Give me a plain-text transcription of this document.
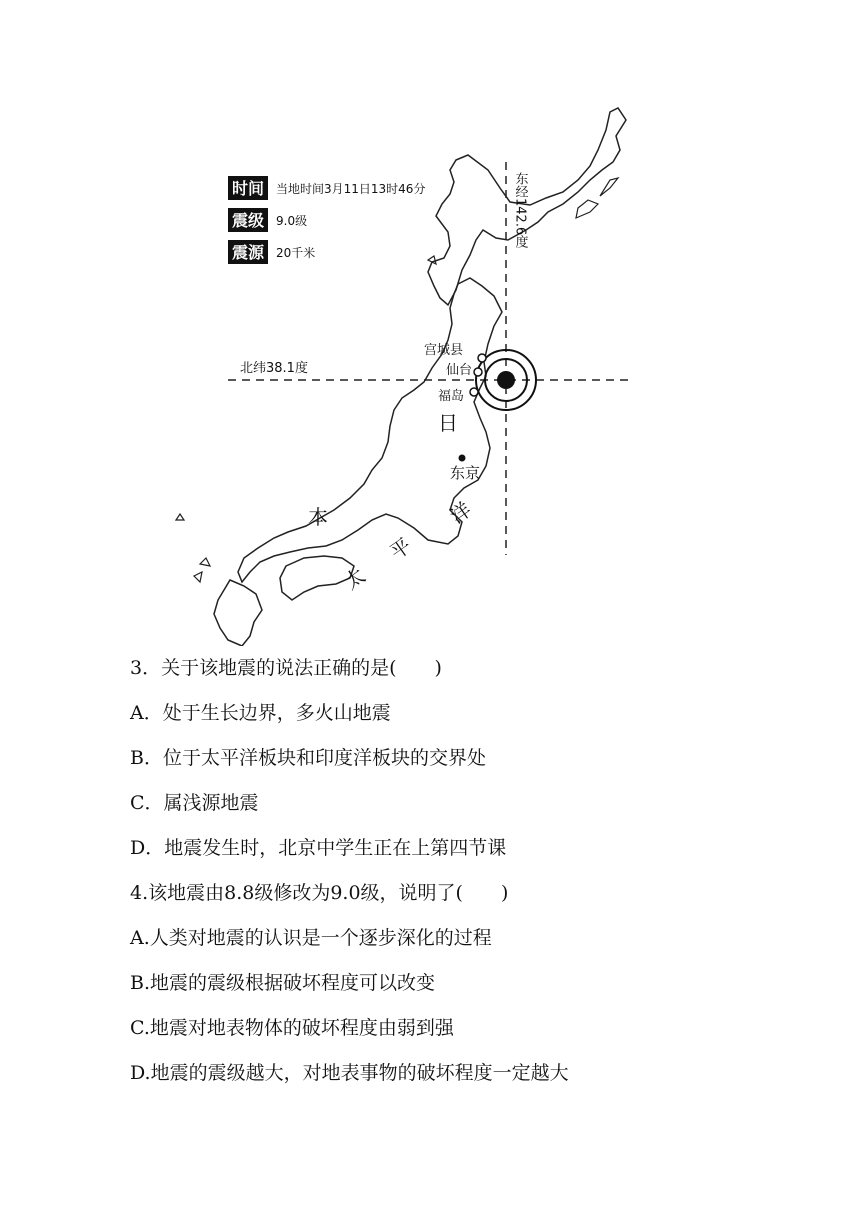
时间 当地时间3月11日13时46分
震级 9.0级
震源 20千米
东经142.6度
北纬38.1度
宫城县
仙台
福岛
东京
日
本
太
平
洋
3．关于该地震的说法正确的是(　　)
A．处于生长边界，多火山地震
B．位于太平洋板块和印度洋板块的交界处
C．属浅源地震
D．地震发生时，北京中学生正在上第四节课
4.该地震由8.8级修改为9.0级，说明了(　　)
A.人类对地震的认识是一个逐步深化的过程
B.地震的震级根据破坏程度可以改变
C.地震对地表物体的破坏程度由弱到强
D.地震的震级越大，对地表事物的破坏程度一定越大
